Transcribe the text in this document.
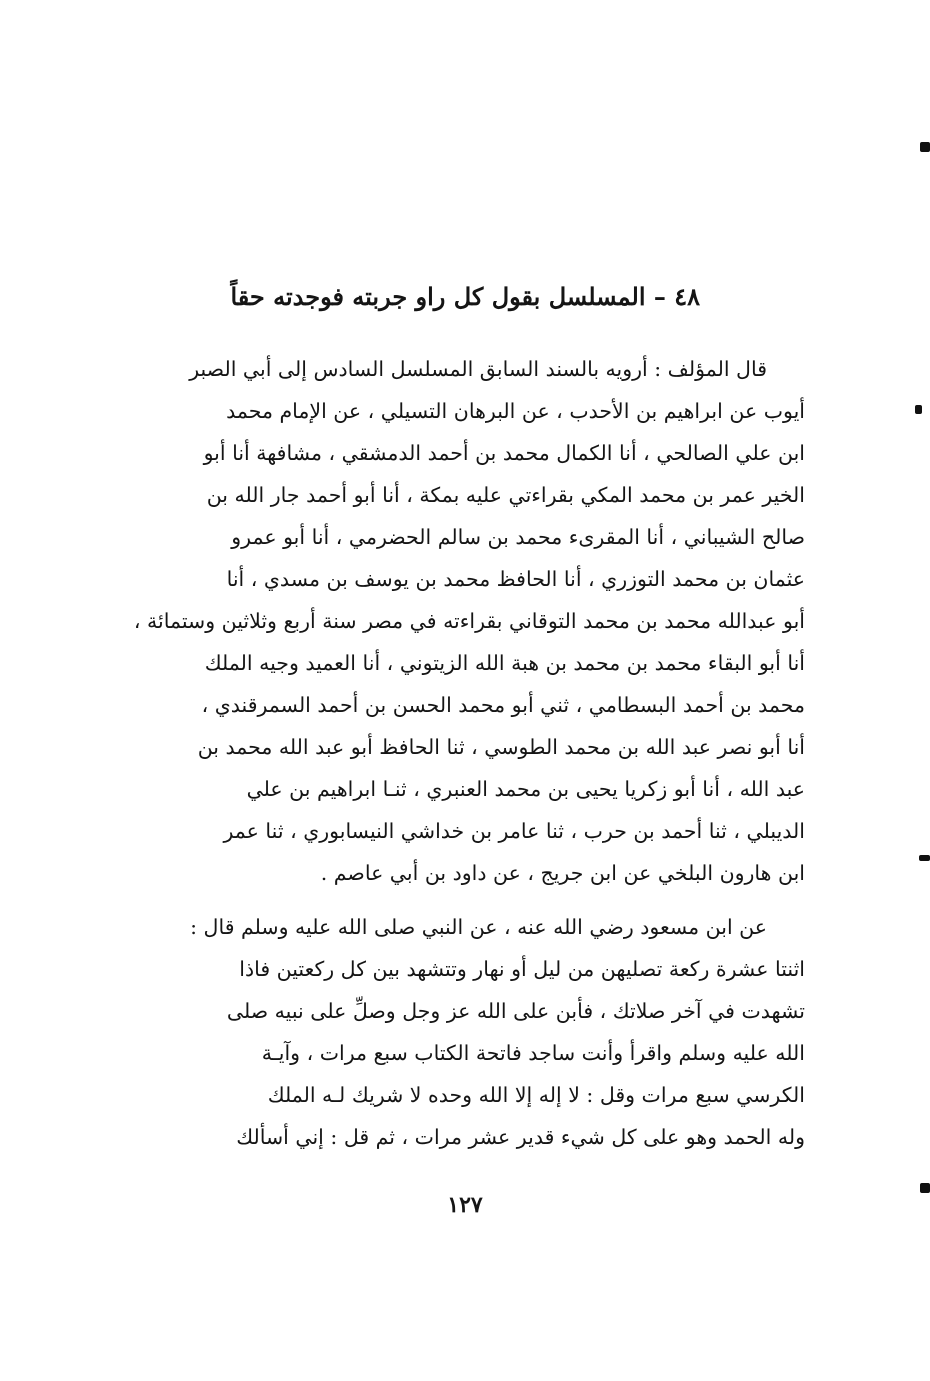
٤٨ – المسلسل بقول كل راو جربته فوجدته حقاً
قال المؤلف : أرويه بالسند السابق المسلسل السادس إلى أبي الصبر
أيوب عن ابراهيم بن الأحدب ، عن البرهان التسيلي ، عن الإمام محمد
ابن علي الصالحي ، أنا الكمال محمد بن أحمد الدمشقي ، مشافهة أنا أبو
الخير عمر بن محمد المكي بقراءتي عليه بمكة ، أنا أبو أحمد جار الله بن
صالح الشيباني ، أنا المقرىء محمد بن سالم الحضرمي ، أنا أبو عمرو
عثمان بن محمد التوزري ، أنا الحافظ محمد بن يوسف بن مسدي ، أنا
أبو عبدالله محمد بن محمد التوقاني بقراءته في مصر سنة أربع وثلاثين وستمائة ،
أنا أبو البقاء محمد بن محمد بن هبة الله الزيتوني ، أنا العميد وجيه الملك
محمد بن أحمد البسطامي ، ثني أبو محمد الحسن بن أحمد السمرقندي ،
أنا أبو نصر عبد الله بن محمد الطوسي ، ثنا الحافظ أبو عبد الله محمد بن
عبد الله ، أنا أبو زكريا يحيى بن محمد العنبري ، ثنـا ابراهيم بن علي
الديبلي ، ثنا أحمد بن حرب ، ثنا عامر بن خداشي النيسابوري ، ثنا عمر
ابن هارون البلخي عن ابن جريج ، عن داود بن أبي عاصم .
عن ابن مسعود رضي الله عنه ، عن النبي صلى الله عليه وسلم قال :
اثنتا عشرة ركعة تصليهن من ليل أو نهار وتتشهد بين كل ركعتين فاذا
تشهدت في آخر صلاتك ، فأبن على الله عز وجل وصلِّ على نبيه صلى
الله عليه وسلم واقرأ وأنت ساجد فاتحة الكتاب سبع مرات ، وآيـة
الكرسي سبع مرات وقل : لا إله إلا الله وحده لا شريك لـه الملك
وله الحمد وهو على كل شيء قدير عشر مرات ، ثم قل : إني أسألك
١٢٧
